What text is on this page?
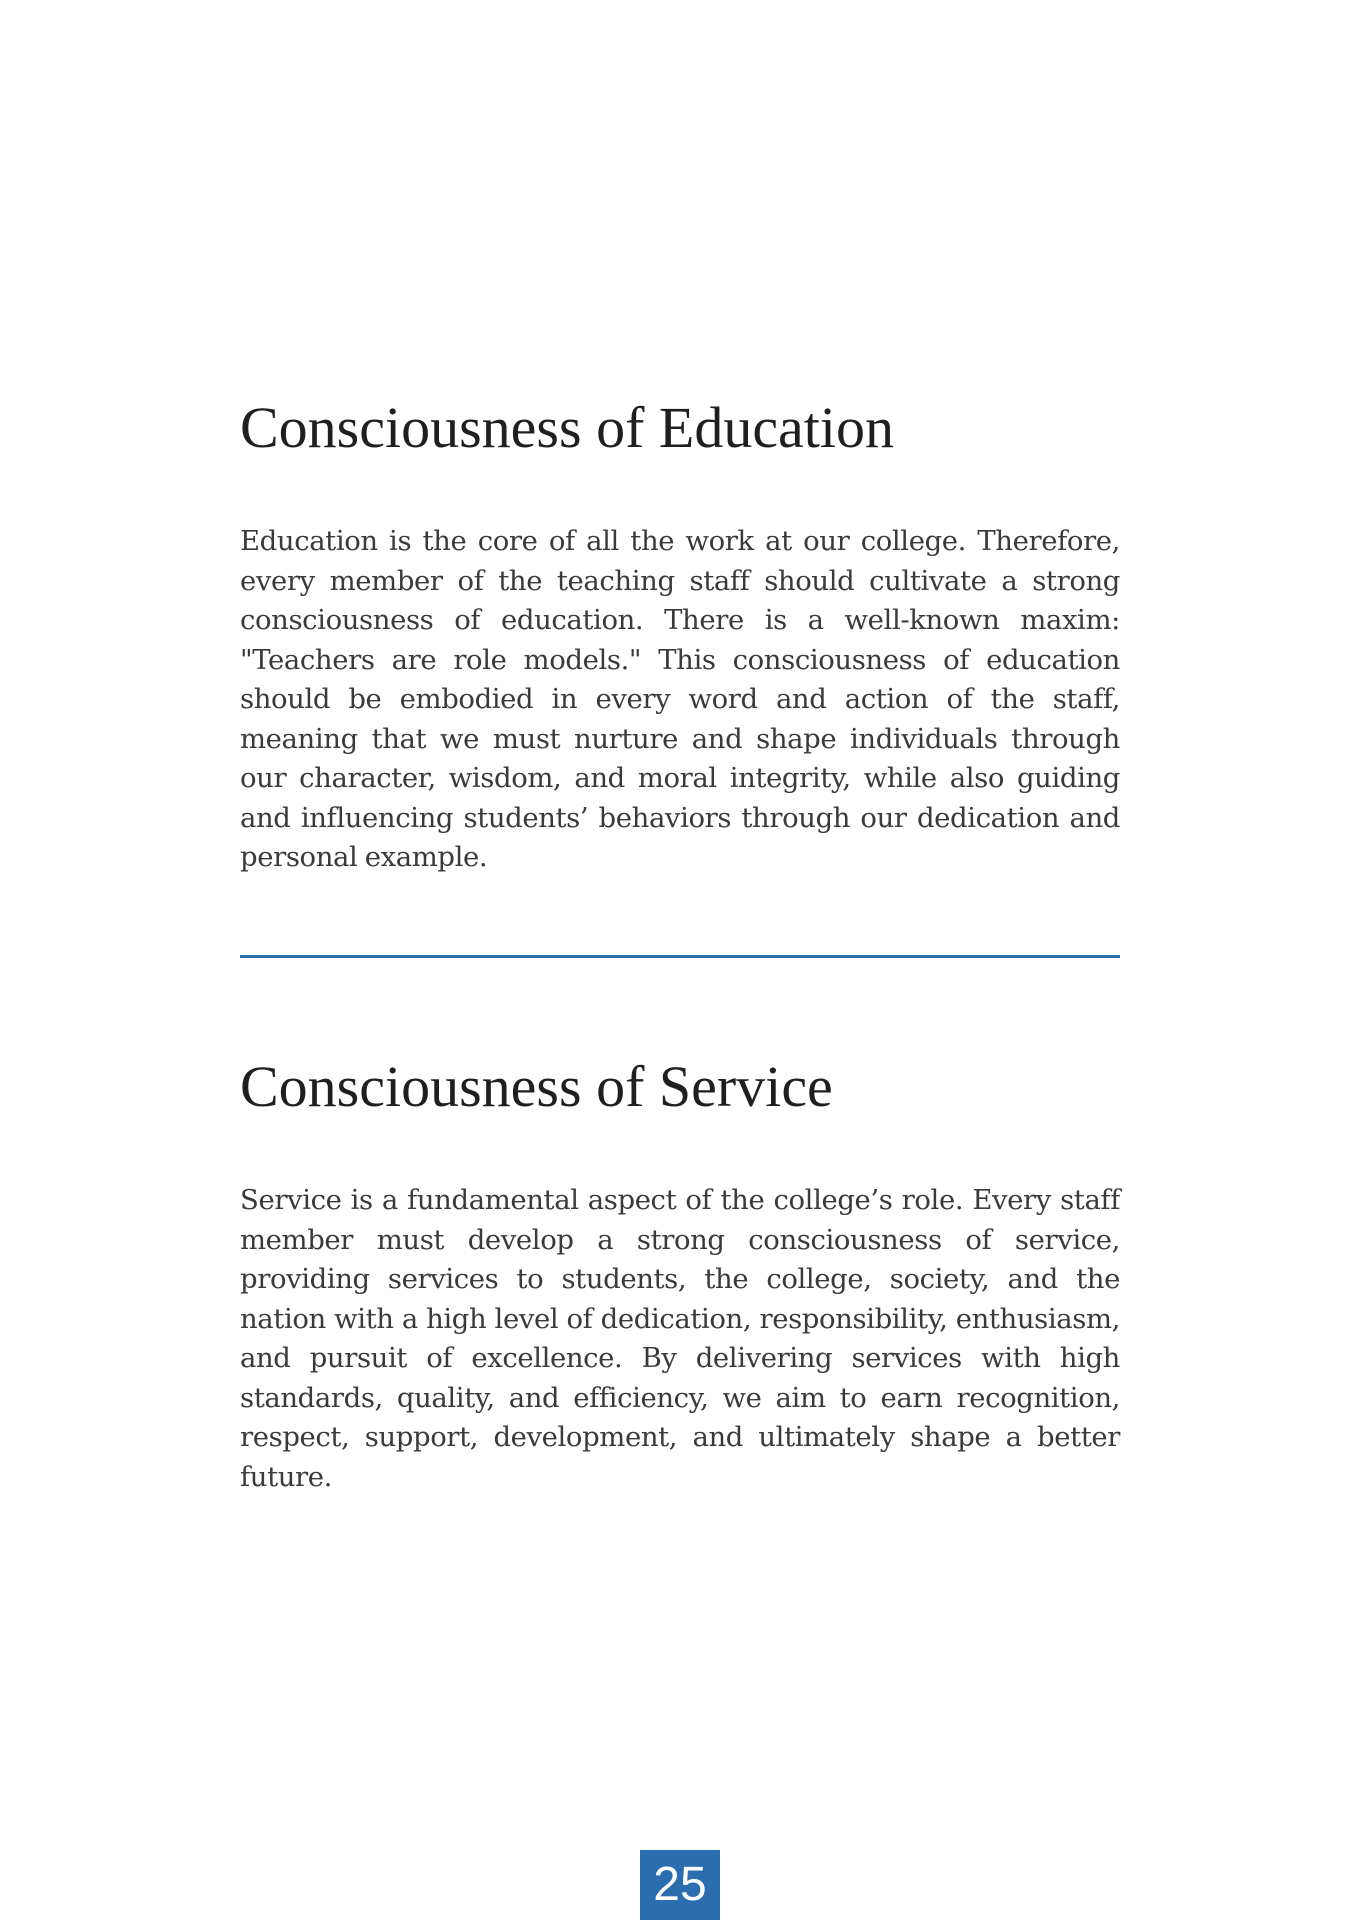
Consciousness of Education

Education is the core of all the work at our college. Therefore, every member of the teaching staff should cultivate a strong consciousness of education. There is a well-known maxim: "Teachers are role models." This consciousness of education should be embodied in every word and action of the staff, meaning that we must nurture and shape individuals through our character, wisdom, and moral integrity, while also guiding and influencing students’ behaviors through our dedication and personal example.

Consciousness of Service

Service is a fundamental aspect of the college’s role. Every staff member must develop a strong consciousness of service, providing services to students, the college, society, and the nation with a high level of dedication, responsibility, enthusiasm, and pursuit of excellence. By delivering services with high standards, quality, and efficiency, we aim to earn recognition, respect, support, development, and ultimately shape a better future.

25
